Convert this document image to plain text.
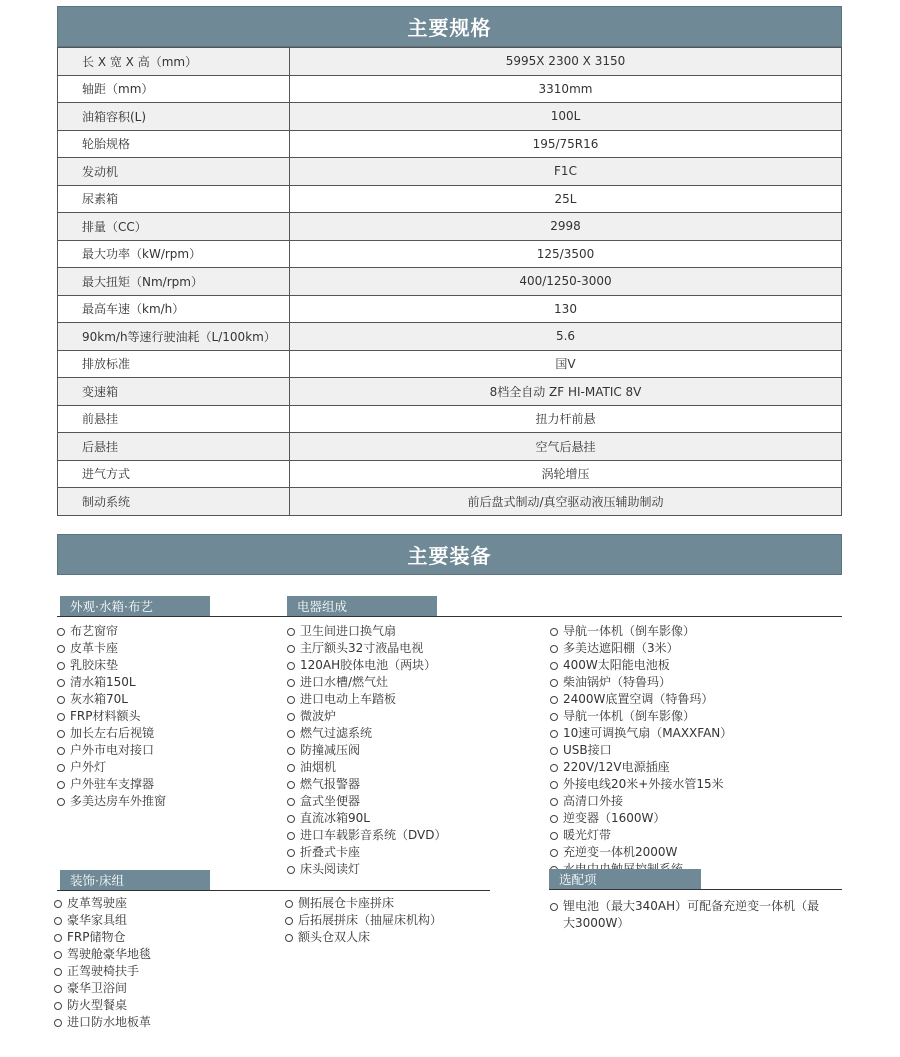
主要规格
长 X 宽 X 高（mm）	5995X 2300 X 3150
轴距（mm）	3310mm
油箱容积(L)	100L
轮胎规格	195/75R16
发动机	F1C
尿素箱	25L
排量（CC）	2998
最大功率（kW/rpm）	125/3500
最大扭矩（Nm/rpm）	400/1250-3000
最高车速（km/h）	130
90km/h等速行驶油耗（L/100km）	5.6
排放标准	国V
变速箱	8档全自动 ZF HI-MATIC 8V
前悬挂	扭力杆前悬
后悬挂	空气后悬挂
进气方式	涡轮增压
制动系统	前后盘式制动/真空驱动液压辅助制动
主要装备
外观·水箱·布艺
布艺窗帘
皮革卡座
乳胶床垫
清水箱150L
灰水箱70L
FRP材料额头
加长左右后视镜
户外市电对接口
户外灯
户外驻车支撑器
多美达房车外推窗
电器组成
卫生间进口换气扇
主厅额头32寸液晶电视
120AH胶体电池（两块）
进口水槽/燃气灶
进口电动上车踏板
微波炉
燃气过滤系统
防撞减压阀
油烟机
燃气报警器
盒式坐便器
直流冰箱90L
进口车载影音系统（DVD）
折叠式卡座
床头阅读灯
导航一体机（倒车影像）
多美达遮阳棚（3米）
400W太阳能电池板
柴油锅炉（特鲁玛）
2400W底置空调（特鲁玛）
导航一体机（倒车影像）
10速可调换气扇（MAXXFAN）
USB接口
220V/12V电源插座
外接电线20米+外接水管15米
高清口外接
逆变器（1600W）
暖光灯带
充逆变一体机2000W
装饰·床组
皮革驾驶座
豪华家具组
FRP储物仓
驾驶舱豪华地毯
正驾驶椅扶手
豪华卫浴间
防火型餐桌
进口防水地板革
侧拓展仓卡座拼床
后拓展拼床（抽屉床机构）
额头仓双人床
选配项
锂电池（最大340AH）可配备充逆变一体机（最大3000W）
